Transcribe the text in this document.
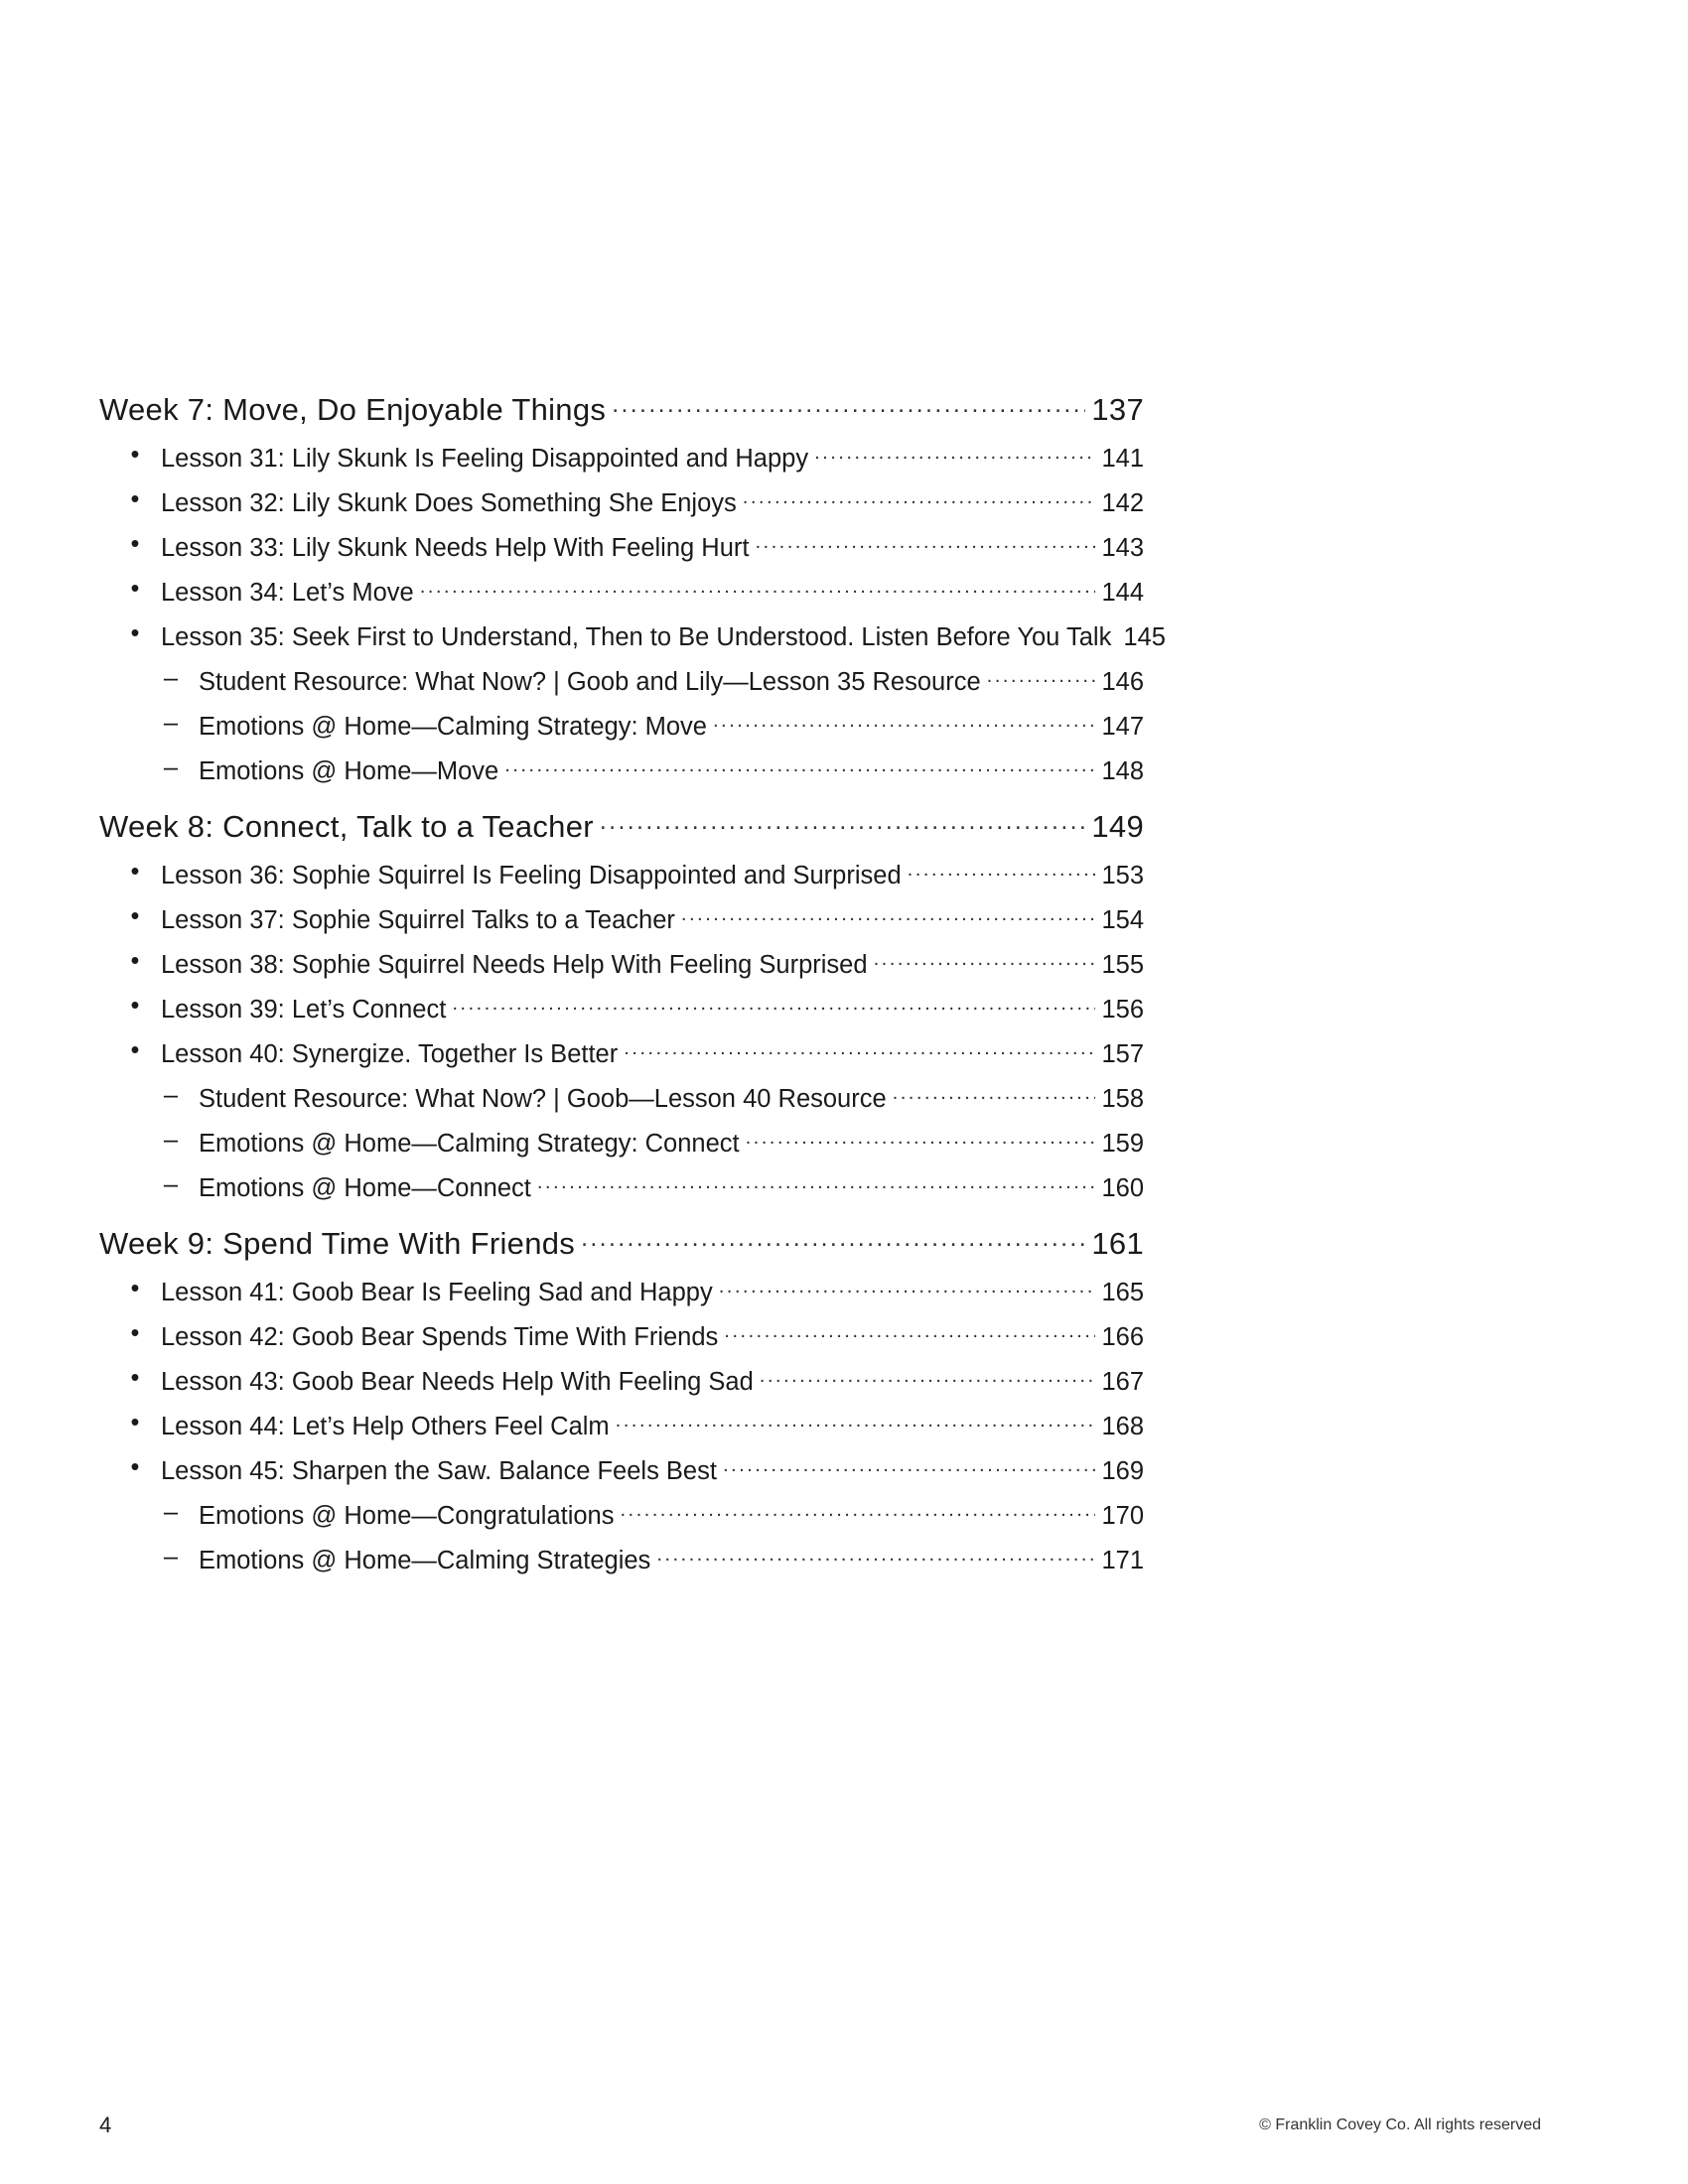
Week 7: Move, Do Enjoyable Things .....	137
• Lesson 31: Lily Skunk Is Feeling Disappointed and Happy .....	141
• Lesson 32: Lily Skunk Does Something She Enjoys .....	142
• Lesson 33: Lily Skunk Needs Help With Feeling Hurt .....	143
• Lesson 34: Let’s Move .....	144
• Lesson 35: Seek First to Understand, Then to Be Understood. Listen Before You Talk 145
– Student Resource: What Now? | Goob and Lily—Lesson 35 Resource .....	146
– Emotions @ Home—Calming Strategy: Move .....	147
– Emotions @ Home—Move .....	148
Week 8: Connect, Talk to a Teacher .....	149
• Lesson 36: Sophie Squirrel Is Feeling Disappointed and Surprised .....	153
• Lesson 37: Sophie Squirrel Talks to a Teacher .....	154
• Lesson 38: Sophie Squirrel Needs Help With Feeling Surprised .....	155
• Lesson 39: Let’s Connect .....	156
• Lesson 40: Synergize. Together Is Better .....	157
– Student Resource: What Now? | Goob—Lesson 40 Resource .....	158
– Emotions @ Home—Calming Strategy: Connect .....	159
– Emotions @ Home—Connect .....	160
Week 9: Spend Time With Friends .....	161
• Lesson 41: Goob Bear Is Feeling Sad and Happy .....	165
• Lesson 42: Goob Bear Spends Time With Friends .....	166
• Lesson 43: Goob Bear Needs Help With Feeling Sad .....	167
• Lesson 44: Let’s Help Others Feel Calm .....	168
• Lesson 45: Sharpen the Saw. Balance Feels Best .....	169
– Emotions @ Home—Congratulations .....	170
– Emotions @ Home—Calming Strategies .....	171
4	© Franklin Covey Co. All rights reserved
